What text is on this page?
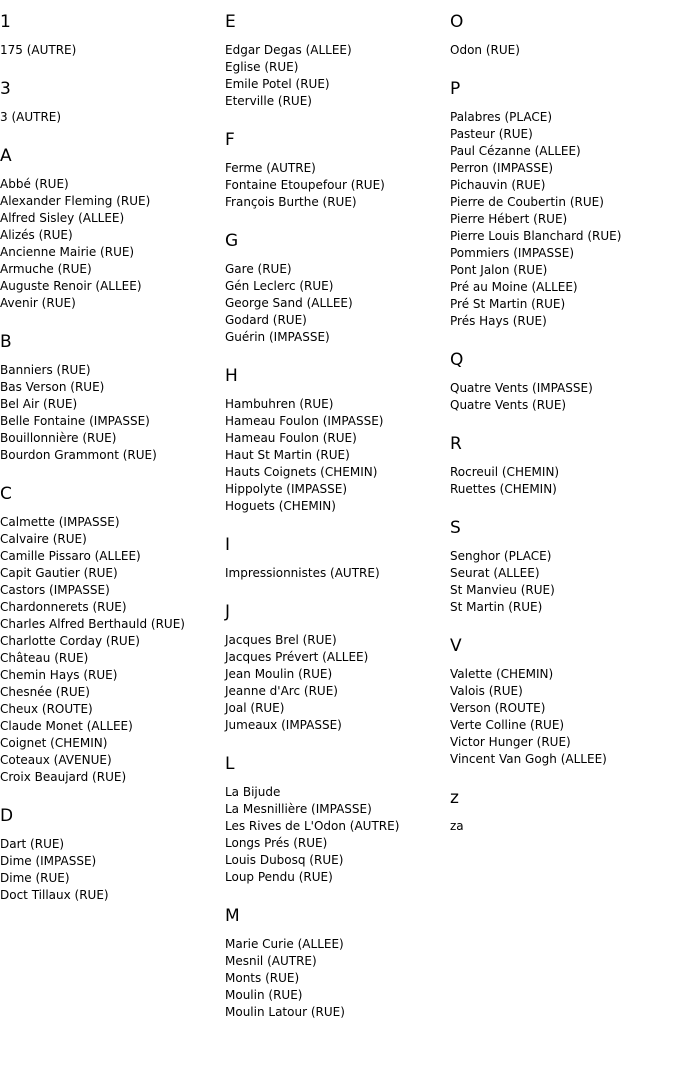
1
175 (AUTRE)
3
3 (AUTRE)
A
Abbé (RUE)
Alexander Fleming (RUE)
Alfred Sisley (ALLEE)
Alizés (RUE)
Ancienne Mairie (RUE)
Armuche (RUE)
Auguste Renoir (ALLEE)
Avenir (RUE)
B
Banniers (RUE)
Bas Verson (RUE)
Bel Air (RUE)
Belle Fontaine (IMPASSE)
Bouillonnière (RUE)
Bourdon Grammont (RUE)
C
Calmette (IMPASSE)
Calvaire (RUE)
Camille Pissaro (ALLEE)
Capit Gautier (RUE)
Castors (IMPASSE)
Chardonnerets (RUE)
Charles Alfred Berthauld (RUE)
Charlotte Corday (RUE)
Château (RUE)
Chemin Hays (RUE)
Chesnée (RUE)
Cheux (ROUTE)
Claude Monet (ALLEE)
Coignet (CHEMIN)
Coteaux (AVENUE)
Croix Beaujard (RUE)
D
Dart (RUE)
Dime (IMPASSE)
Dime (RUE)
Doct Tillaux (RUE)
E
Edgar Degas (ALLEE)
Eglise (RUE)
Emile Potel (RUE)
Eterville (RUE)
F
Ferme (AUTRE)
Fontaine Etoupefour (RUE)
François Burthe (RUE)
G
Gare (RUE)
Gén Leclerc (RUE)
George Sand (ALLEE)
Godard (RUE)
Guérin (IMPASSE)
H
Hambuhren (RUE)
Hameau Foulon (IMPASSE)
Hameau Foulon (RUE)
Haut St Martin (RUE)
Hauts Coignets (CHEMIN)
Hippolyte (IMPASSE)
Hoguets (CHEMIN)
I
Impressionnistes (AUTRE)
J
Jacques Brel (RUE)
Jacques Prévert (ALLEE)
Jean Moulin (RUE)
Jeanne d'Arc (RUE)
Joal (RUE)
Jumeaux (IMPASSE)
L
La Bijude
La Mesnillière (IMPASSE)
Les Rives de L'Odon (AUTRE)
Longs Prés (RUE)
Louis Dubosq (RUE)
Loup Pendu (RUE)
M
Marie Curie (ALLEE)
Mesnil (AUTRE)
Monts (RUE)
Moulin (RUE)
Moulin Latour (RUE)
O
Odon (RUE)
P
Palabres (PLACE)
Pasteur (RUE)
Paul Cézanne (ALLEE)
Perron (IMPASSE)
Pichauvin (RUE)
Pierre de Coubertin (RUE)
Pierre Hébert (RUE)
Pierre Louis Blanchard (RUE)
Pommiers (IMPASSE)
Pont Jalon (RUE)
Pré au Moine (ALLEE)
Pré St Martin (RUE)
Prés Hays (RUE)
Q
Quatre Vents (IMPASSE)
Quatre Vents (RUE)
R
Rocreuil (CHEMIN)
Ruettes (CHEMIN)
S
Senghor (PLACE)
Seurat (ALLEE)
St Manvieu (RUE)
St Martin (RUE)
V
Valette (CHEMIN)
Valois (RUE)
Verson (ROUTE)
Verte Colline (RUE)
Victor Hunger (RUE)
Vincent Van Gogh (ALLEE)
z
za
